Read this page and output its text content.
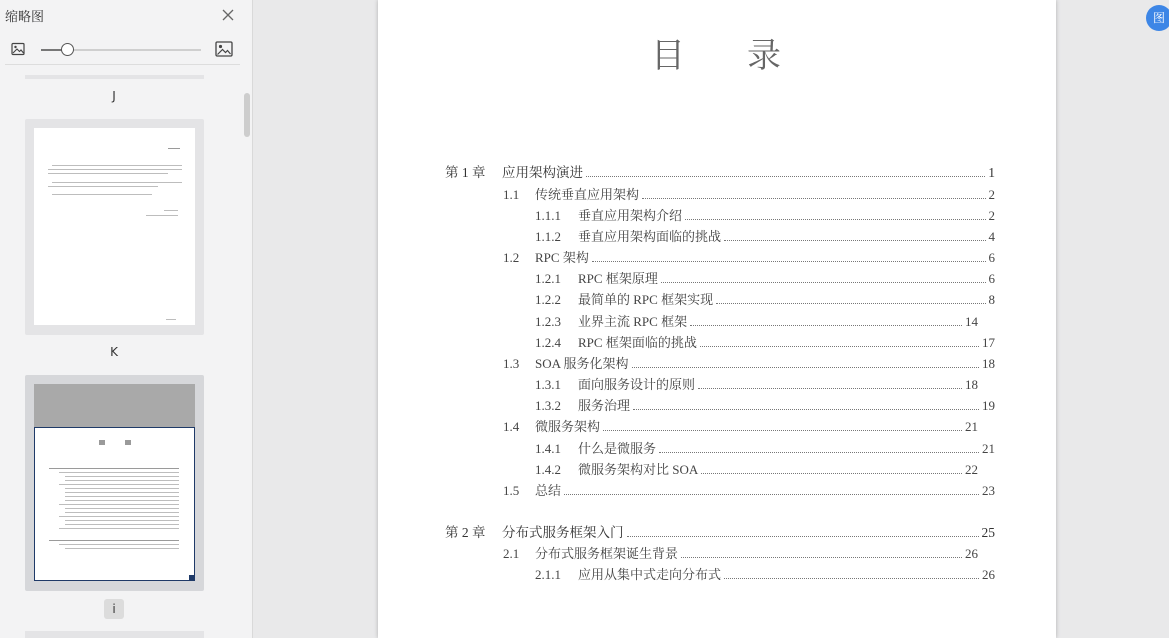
缩略图
J
K
i
目 录
第 1 章	应用架构演进	1
1.1	传统垂直应用架构	2
1.1.1	垂直应用架构介绍	2
1.1.2	垂直应用架构面临的挑战	4
1.2	RPC 架构	6
1.2.1	RPC 框架原理	6
1.2.2	最简单的 RPC 框架实现	8
1.2.3	业界主流 RPC 框架	14
1.2.4	RPC 框架面临的挑战	17
1.3	SOA 服务化架构	18
1.3.1	面向服务设计的原则	18
1.3.2	服务治理	19
1.4	微服务架构	21
1.4.1	什么是微服务	21
1.4.2	微服务架构对比 SOA	22
1.5	总结	23
第 2 章	分布式服务框架入门	25
2.1	分布式服务框架诞生背景	26
2.1.1	应用从集中式走向分布式	26
图
